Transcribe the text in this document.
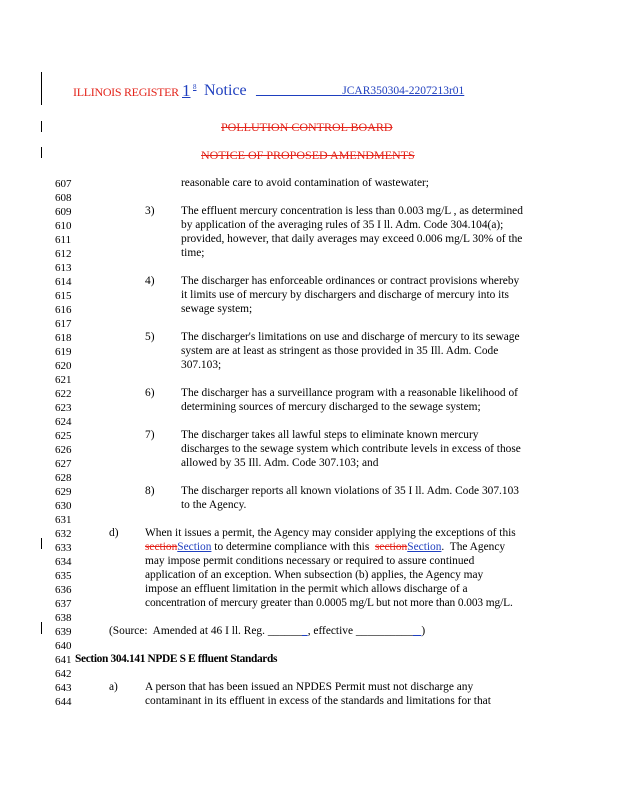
ILLINOIS REGISTER 1 8 Notice _______________JCAR350304-2207213r01
POLLUTION CONTROL BOARD
NOTICE OF PROPOSED AMENDMENTS
607
608
609
610
611
612
613
614
615
616
617
618
619
620
621
622
623
624
625
626
627
628
629
630
631
632
633
634
635
636
637
638
639
640
641
642
643
644
reasonable care to avoid contamination of wastewater;
3) The effluent mercury concentration is less than 0.003 mg/L , as determined
by application of the averaging rules of 35 I ll. Adm. Code 304.104(a);
provided, however, that daily averages may exceed 0.006 mg/L 30% of the
time;
4) The discharger has enforceable ordinances or contract provisions whereby
it limits use of mercury by dischargers and discharge of mercury into its
sewage system;
5) The discharger's limitations on use and discharge of mercury to its sewage
system are at least as stringent as those provided in 35 Ill. Adm. Code
307.103;
6) The discharger has a surveillance program with a reasonable likelihood of
determining sources of mercury discharged to the sewage system;
7) The discharger takes all lawful steps to eliminate known mercury
discharges to the sewage system which contribute levels in excess of those
allowed by 35 Ill. Adm. Code 307.103; and
8) The discharger reports all known violations of 35 I ll. Adm. Code 307.103
to the Agency.
d) When it issues a permit, the Agency may consider applying the exceptions of this
sectionSection to determine compliance with this  sectionSection.  The Agency
may impose permit conditions necessary or required to assure continued
application of an exception. When subsection (b) applies, the Agency may
impose an effluent limitation in the permit which allows discharge of a
concentration of mercury greater than 0.0005 mg/L but not more than 0.003 mg/L.
(Source:  Amended at 46 I ll. Reg. ______ , effective __________ )
Section 304.141 NPDE S E ffluent Standards
a) A person that has been issued an NPDES Permit must not discharge any
contaminant in its effluent in excess of the standards and limitations for that
